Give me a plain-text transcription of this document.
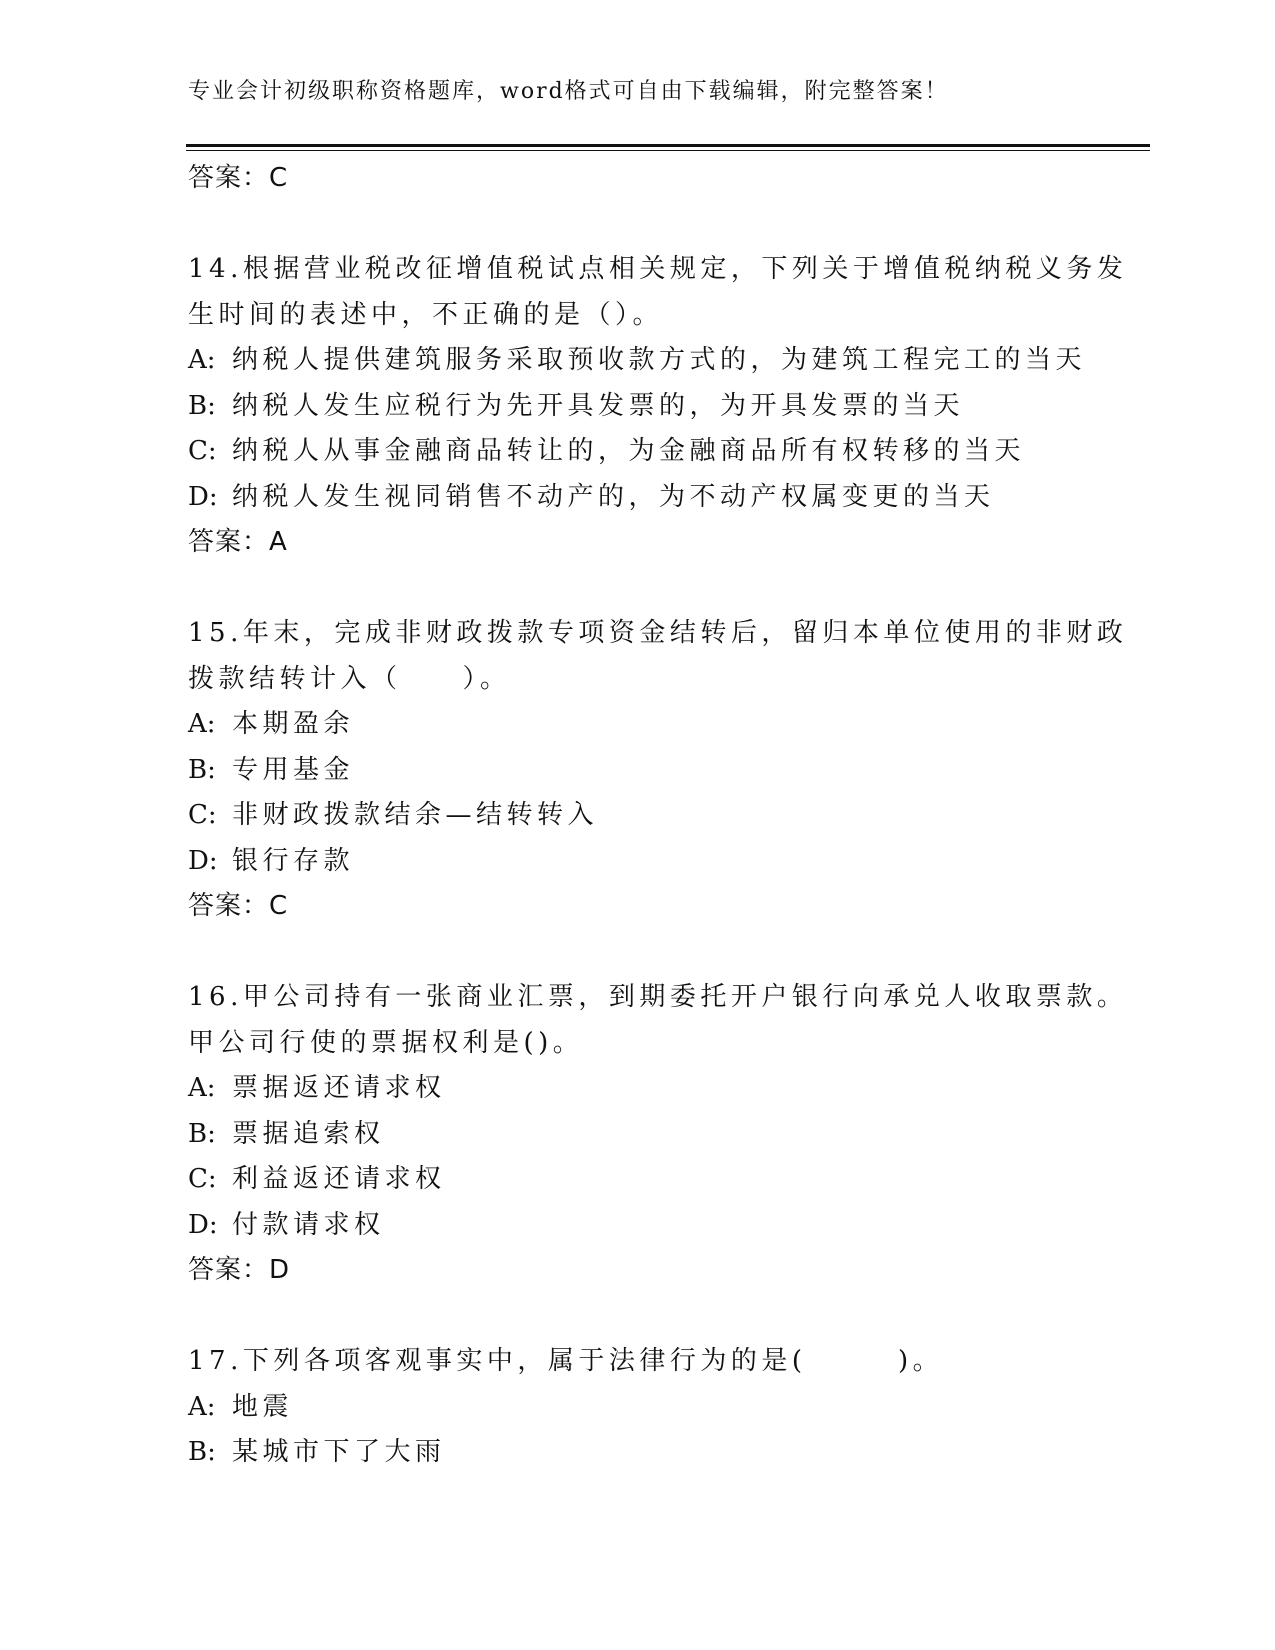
专业会计初级职称资格题库，word格式可自由下载编辑，附完整答案！
答案：C
14.根据营业税改征增值税试点相关规定，下列关于增值税纳税义务发
生时间的表述中，不正确的是（）。
A: 纳税人提供建筑服务采取预收款方式的，为建筑工程完工的当天
B: 纳税人发生应税行为先开具发票的，为开具发票的当天
C: 纳税人从事金融商品转让的，为金融商品所有权转移的当天
D: 纳税人发生视同销售不动产的，为不动产权属变更的当天
答案：A
15.年末，完成非财政拨款专项资金结转后，留归本单位使用的非财政
拨款结转计入（　　）。
A: 本期盈余
B: 专用基金
C: 非财政拨款结余—结转转入
D: 银行存款
答案：C
16.甲公司持有一张商业汇票，到期委托开户银行向承兑人收取票款。
甲公司行使的票据权利是()。
A: 票据返还请求权
B: 票据追索权
C: 利益返还请求权
D: 付款请求权
答案：D
17.下列各项客观事实中，属于法律行为的是(　　　)。
A: 地震
B: 某城市下了大雨
